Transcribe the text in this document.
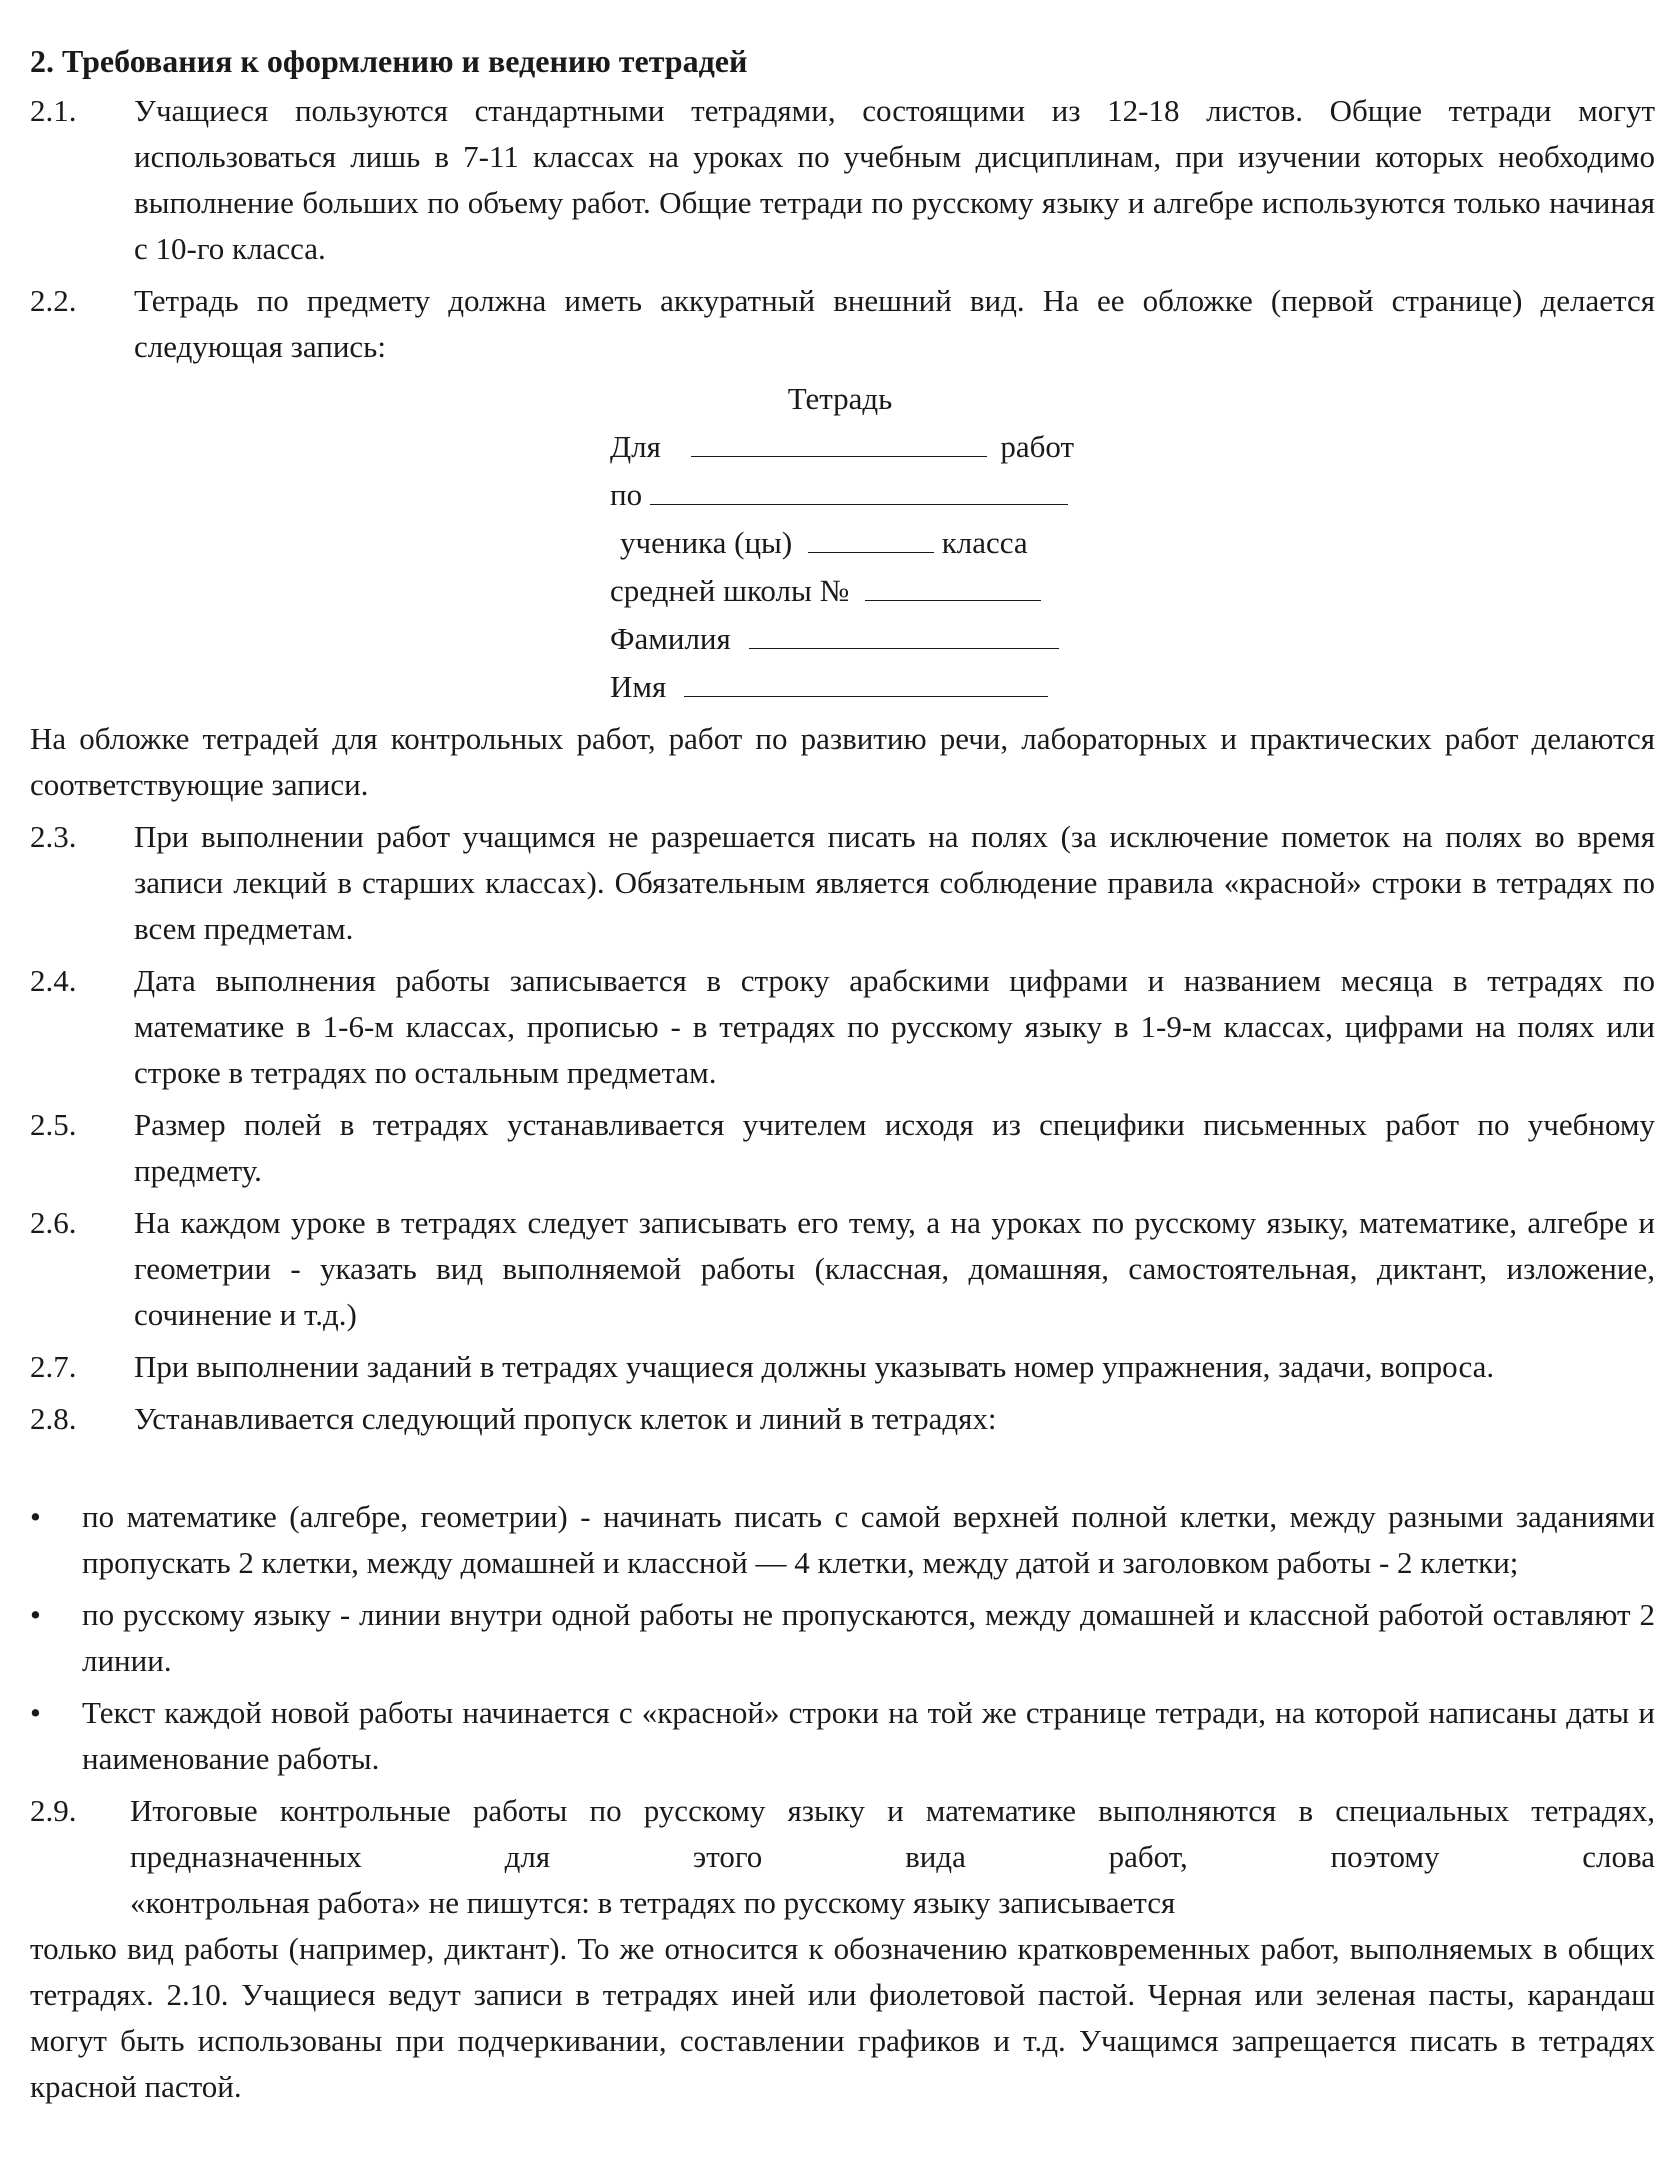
2. Требования к оформлению и ведению тетрадей
2.1. Учащиеся пользуются стандартными тетрадями, состоящими из 12-18 листов. Общие тетради могут использоваться лишь в 7-11 классах на уроках по учебным дисциплинам, при изучении которых необходимо выполнение больших по объему работ. Общие тетради по русскому языку и алгебре используются только начиная с 10-го класса.
2.2. Тетрадь по предмету должна иметь аккуратный внешний вид. На ее обложке (первой странице) делается следующая запись:
Тетрадь
Для	работ
по
ученика (цы)	класса
средней школы №
Фамилия
Имя
На обложке тетрадей для контрольных работ, работ по развитию речи, лабораторных и практических работ делаются соответствующие записи.
2.3. При выполнении работ учащимся не разрешается писать на полях (за исключение пометок на полях во время записи лекций в старших классах). Обязательным является соблюдение правила «красной» строки в тетрадях по всем предметам.
2.4. Дата выполнения работы записывается в строку арабскими цифрами и названием месяца в тетрадях по математике в 1-6-м классах, прописью - в тетрадях по русскому языку в 1-9-м классах, цифрами на полях или строке в тетрадях по остальным предметам.
2.5. Размер полей в тетрадях устанавливается учителем исходя из специфики письменных работ по учебному предмету.
2.6. На каждом уроке в тетрадях следует записывать его тему, а на уроках по русскому языку, математике, алгебре и геометрии - указать вид выполняемой работы (классная, домашняя, самостоятельная, диктант, изложение, сочинение и т.д.)
2.7. При выполнении заданий в тетрадях учащиеся должны указывать номер упражнения, задачи, вопроса.
2.8. Устанавливается следующий пропуск клеток и линий в тетрадях:
• по математике (алгебре, геометрии) - начинать писать с самой верхней полной клетки, между разными заданиями пропускать 2 клетки, между домашней и классной — 4 клетки, между датой и заголовком работы - 2 клетки;
• по русскому языку - линии внутри одной работы не пропускаются, между домашней и классной работой оставляют 2 линии.
• Текст каждой новой работы начинается с «красной» строки на той же странице тетради, на которой написаны даты и наименование работы.
2.9. Итоговые контрольные работы по русскому языку и математике выполняются в специальных тетрадях, предназначенных для этого вида работ, поэтому слова
«контрольная работа» не пишутся: в тетрадях по русскому языку записывается
только вид работы (например, диктант). То же относится к обозначению кратковременных работ, выполняемых в общих тетрадях. 2.10. Учащиеся ведут записи в тетрадях иней или фиолетовой пастой. Черная или зеленая пасты, карандаш могут быть использованы при подчеркивании, составлении графиков и т.д. Учащимся запрещается писать в тетрадях красной пастой.
